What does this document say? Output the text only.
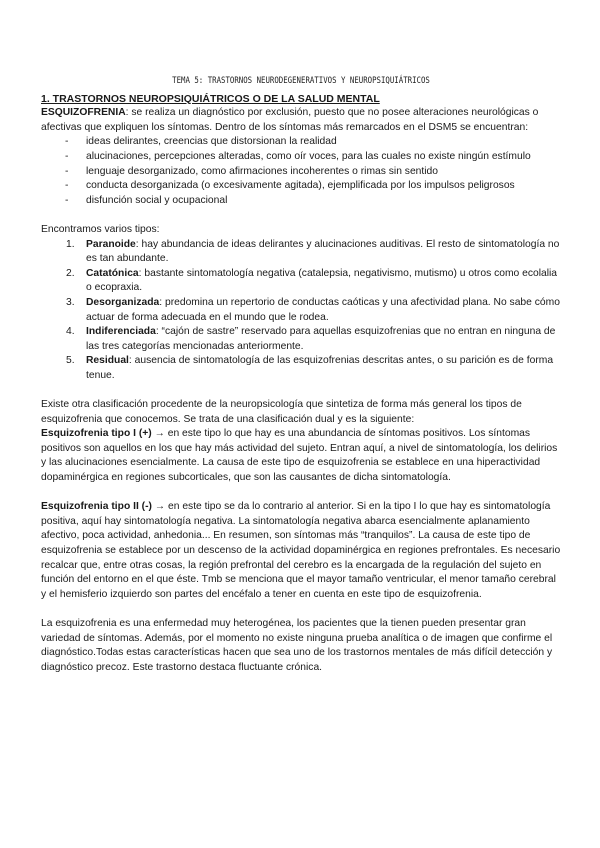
TEMA 5: TRASTORNOS NEURODEGENERATIVOS Y NEUROPSIQUIÁTRICOS

1. TRASTORNOS NEUROPSIQUIÁTRICOS O DE LA SALUD MENTAL

ESQUIZOFRENIA: se realiza un diagnóstico por exclusión, puesto que no posee alteraciones neurológicas o afectivas que expliquen los síntomas. Dentro de los síntomas más remarcados en el DSM5 se encuentran:

- ideas delirantes, creencias que distorsionan la realidad
- alucinaciones, percepciones alteradas, como oír voces, para las cuales no existe ningún estímulo
- lenguaje desorganizado, como afirmaciones incoherentes o rimas sin sentido
- conducta desorganizada (o excesivamente agitada), ejemplificada por los impulsos peligrosos
- disfunción social y ocupacional

Encontramos varios tipos:

1. Paranoide: hay abundancia de ideas delirantes y alucinaciones auditivas. El resto de sintomatología no es tan abundante.
2. Catatónica: bastante sintomatología negativa (catalepsia, negativismo, mutismo) u otros como ecolalia o ecopraxia.
3. Desorganizada: predomina un repertorio de conductas caóticas y una afectividad plana. No sabe cómo actuar de forma adecuada en el mundo que le rodea.
4. Indiferenciada: “cajón de sastre” reservado para aquellas esquizofrenias que no entran en ninguna de las tres categorías mencionadas anteriormente.
5. Residual: ausencia de sintomatología de las esquizofrenias descritas antes, o su parición es de forma tenue.

Existe otra clasificación procedente de la neuropsicología que sintetiza de forma más general los tipos de esquizofrenia que conocemos. Se trata de una clasificación dual y es la siguiente:

Esquizofrenia tipo I (+) → en este tipo lo que hay es una abundancia de síntomas positivos. Los síntomas positivos son aquellos en los que hay más actividad del sujeto. Entran aquí, a nivel de sintomatología, los delirios y las alucinaciones esencialmente. La causa de este tipo de esquizofrenia se establece en una hiperactividad dopaminérgica en regiones subcorticales, que son las causantes de dicha sintomatología.

Esquizofrenia tipo II (-) → en este tipo se da lo contrario al anterior. Si en la tipo I lo que hay es sintomatología positiva, aquí hay sintomatología negativa. La sintomatología negativa abarca esencialmente aplanamiento afectivo, poca actividad, anhedonia... En resumen, son síntomas más “tranquilos”. La causa de este tipo de esquizofrenia se establece por un descenso de la actividad dopaminérgica en regiones prefrontales. Es necesario recalcar que, entre otras cosas, la región prefrontal del cerebro es la encargada de la regulación del sujeto en función del entorno en el que éste. Tmb se menciona que el mayor tamaño ventricular, el menor tamaño cerebral y el hemisferio izquierdo son partes del encéfalo a tener en cuenta en este tipo de esquizofrenia.

La esquizofrenia es una enfermedad muy heterogénea, los pacientes que la tienen pueden presentar gran variedad de síntomas. Además, por el momento no existe ninguna prueba analítica o de imagen que confirme el diagnóstico.Todas estas características hacen que sea uno de los trastornos mentales de más difícil detección y diagnóstico precoz. Este trastorno destaca fluctuante crónica.
